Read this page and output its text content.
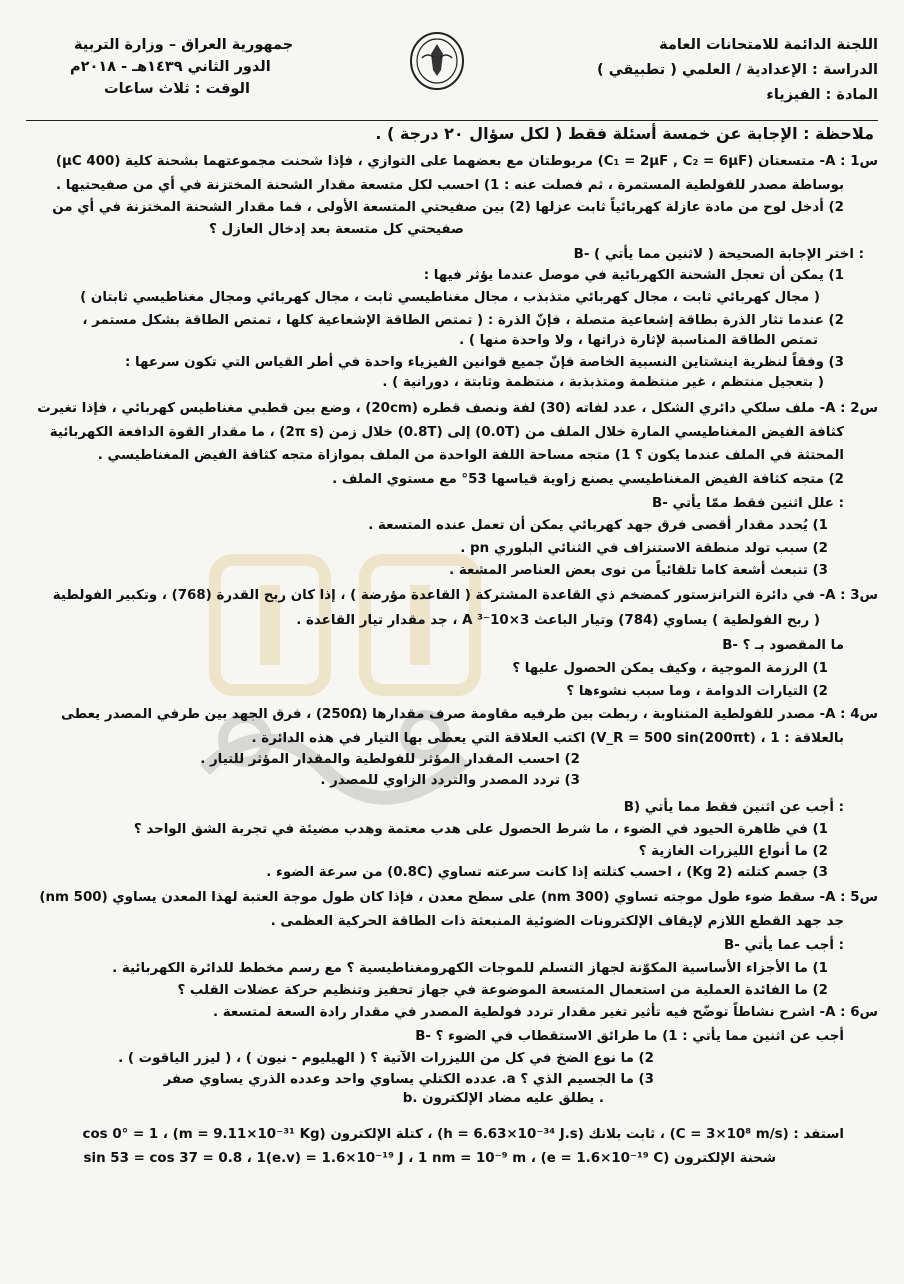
اللجنة الدائمة للامتحانات العامة
الدراسة : الإعدادية / العلمي ( تطبيقي )
المادة : الفيزياء
جمهورية العراق – وزارة التربية
الدور الثاني ١٤٣٩هـ - ٢٠١٨م
الوقت : ثلاث ساعات
ملاحظة : الإجابة عن خمسة أسئلة فقط ( لكل سؤال ٢٠ درجة ) .
س1 : A- متسعتان (C₁ = 2μF , C₂ = 6μF) مربوطتان مع بعضهما على التوازي ، فإذا شحنت مجموعتهما بشحنة كلية (400 μC)
بوساطة مصدر للفولطية المستمرة ، ثم فصلت عنه : 1) احسب لكل متسعة مقدار الشحنة المختزنة في أي من صفيحتيها .
2) أدخل لوح من مادة عازلة كهربائياً ثابت عزلها (2) بين صفيحتي المتسعة الأولى ، فما مقدار الشحنة المختزنة في أي من
صفيحتي كل متسعة بعد إدخال العازل ؟
B- اختر الإجابة الصحيحة ( لاثنين مما يأتي ) :
1) يمكن أن تعجل الشحنة الكهربائية في موصل عندما يؤثر فيها :
( مجال كهربائي ثابت ، مجال كهربائي متذبذب ، مجال مغناطيسي ثابت ، مجال كهربائي ومجال مغناطيسي ثابتان )
2) عندما تثار الذرة بطاقة إشعاعية متصلة ، فإنّ الذرة : ( تمتص الطاقة الإشعاعية كلها ، تمتص الطاقة بشكل مستمر ،
تمتص الطاقة المناسبة لإثارة ذراتها ، ولا واحدة منها ) .
3) وفقاً لنظرية اينشتاين النسبية الخاصة فإنّ جميع قوانين الفيزياء واحدة في أطر القياس التي تكون سرعها :
( بتعجيل منتظم ، غير منتظمة ومتذبذبة ، منتظمة وثابتة ، دورانية ) .
س2 : A- ملف سلكي دائري الشكل ، عدد لفاته (30) لفة ونصف قطره (20cm) ، وضع بين قطبي مغناطيس كهربائي ، فإذا تغيرت
كثافة الفيض المغناطيسي المارة خلال الملف من (0.0T) إلى (0.8T) خلال زمن (2π s) ، ما مقدار القوة الدافعة الكهربائية
المحتثة في الملف عندما يكون ؟ 1) متجه مساحة اللفة الواحدة من الملف بموازاة متجه كثافة الفيض المغناطيسي .
2) متجه كثافة الفيض المغناطيسي يصنع زاوية قياسها 53° مع مستوي الملف .
B- علل اثنين فقط ممّا يأتي :
1) يُحدد مقدار أقصى فرق جهد كهربائي يمكن أن تعمل عنده المتسعة .
2) سبب تولد منطقة الاستنزاف في الثنائي البلوري pn .
3) تنبعث أشعة كاما تلقائياً من نوى بعض العناصر المشعة .
س3 : A- في دائرة الترانزستور كمضخم ذي القاعدة المشتركة ( القاعدة مؤرضة ) ، إذا كان ربح القدرة (768) ، وتكبير الفولطية
( ربح الفولطية ) يساوي (784) وتيار الباعث 3×10⁻³ A ، جد مقدار تيار القاعدة .
B- ما المقصود بـ ؟
1) الرزمة الموجية ، وكيف يمكن الحصول عليها ؟
2) التيارات الدوامة ، وما سبب نشوءها ؟
س4 : A- مصدر للفولطية المتناوبة ، ربطت بين طرفيه مقاومة صرف مقدارها (250Ω) ، فرق الجهد بين طرفي المصدر يعطى
بالعلاقة : V_R = 500 sin(200πt) ، 1) اكتب العلاقة التي يعطى بها التيار في هذه الدائرة .
2) احسب المقدار المؤثر للفولطية والمقدار المؤثر للتيار .
3) تردد المصدر والتردد الزاوي للمصدر .
B) أجب عن اثنين فقط مما يأتي :
1) في ظاهرة الحيود في الضوء ، ما شرط الحصول على هدب معتمة وهدب مضيئة في تجربة الشق الواحد ؟
2) ما أنواع الليزرات الغازية ؟
3) جسم كتلته (2 Kg) ، احسب كتلته إذا كانت سرعته تساوي (0.8C) من سرعة الضوء .
س5 : A- سقط ضوء طول موجته تساوي (300 nm) على سطح معدن ، فإذا كان طول موجة العتبة لهذا المعدن يساوي (500 nm)
جد جهد القطع اللازم لإيقاف الإلكترونات الضوئية المنبعثة ذات الطاقة الحركية العظمى .
B- أجب عما يأتي :
1) ما الأجزاء الأساسية المكوّنة لجهاز التسلم للموجات الكهرومغناطيسية ؟ مع رسم مخطط للدائرة الكهربائية .
2) ما الفائدة العملية من استعمال المتسعة الموضوعة في جهاز تحفيز وتنظيم حركة عضلات القلب ؟
س6 : A- اشرح نشاطاً توضّح فيه تأثير تغير مقدار تردد فولطية المصدر في مقدار رادة السعة لمتسعة .
B- أجب عن اثنين مما يأتي : 1) ما طرائق الاستقطاب في الضوء ؟
2) ما نوع الضخ في كل من الليزرات الآتية ؟ ( الهيليوم - نيون ) ، ( ليزر الياقوت ) .
3) ما الجسيم الذي ؟ a. عدده الكتلي يساوي واحد وعدده الذري يساوي صفر
b. يطلق عليه مضاد الإلكترون .
استفد : (C = 3×10⁸ m/s) ، ثابت بلانك (h = 6.63×10⁻³⁴ J.s) ، كتلة الإلكترون (m = 9.11×10⁻³¹ Kg) ، cos 0° = 1
شحنة الإلكترون (e = 1.6×10⁻¹⁹ C) ، sin 53 = cos 37 = 0.8 ، 1(e.v) = 1.6×10⁻¹⁹ J ، 1 nm = 10⁻⁹ m
